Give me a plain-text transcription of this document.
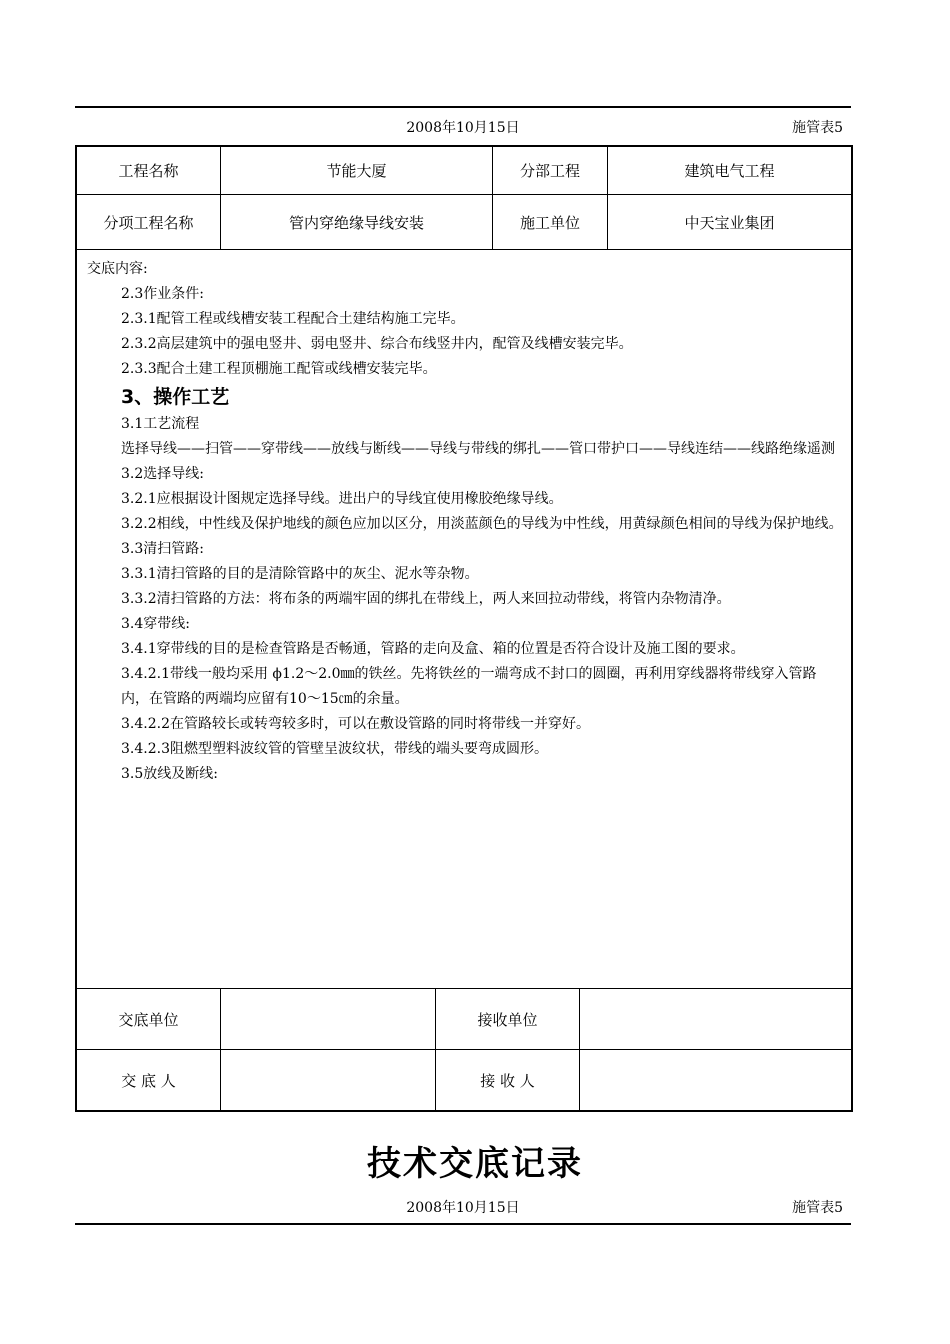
2008年10月15日	施管表5
工程名称	节能大厦	分部工程	建筑电气工程
分项工程名称	管内穿绝缘导线安装	施工单位	中天宝业集团

交底内容:

2.3作业条件:

2.3.1配管工程或线槽安装工程配合土建结构施工完毕。

2.3.2高层建筑中的强电竖井、弱电竖井、综合布线竖井内，配管及线槽安装完毕。

2.3.3配合土建工程顶棚施工配管或线槽安装完毕。

3、操作工艺

3.1工艺流程

选择导线——扫管——穿带线——放线与断线——导线与带线的绑扎——管口带护口——导线连结——线路绝缘遥测

3.2选择导线:

3.2.1应根据设计图规定选择导线。进出户的导线宜使用橡胶绝缘导线。

3.2.2相线，中性线及保护地线的颜色应加以区分，用淡蓝颜色的导线为中性线，用黄绿颜色相间的导线为保护地线。

3.3清扫管路:

3.3.1清扫管路的目的是清除管路中的灰尘、泥水等杂物。

3.3.2清扫管路的方法：将布条的两端牢固的绑扎在带线上，两人来回拉动带线，将管内杂物清净。

3.4穿带线:

3.4.1穿带线的目的是检查管路是否畅通，管路的走向及盒、箱的位置是否符合设计及施工图的要求。

3.4.2.1带线一般均采用 ϕ1.2～2.0㎜的铁丝。先将铁丝的一端弯成不封口的圆圈，再利用穿线器将带线穿入管路内，在管路的两端均应留有10～15㎝的余量。

3.4.2.2在管路较长或转弯较多时，可以在敷设管路的同时将带线一并穿好。

3.4.2.3阻燃型塑料波纹管的管壁呈波纹状，带线的端头要弯成圆形。

3.5放线及断线:

交底单位	接收单位
交 底 人	接 收 人
技术交底记录
2008年10月15日	施管表5
